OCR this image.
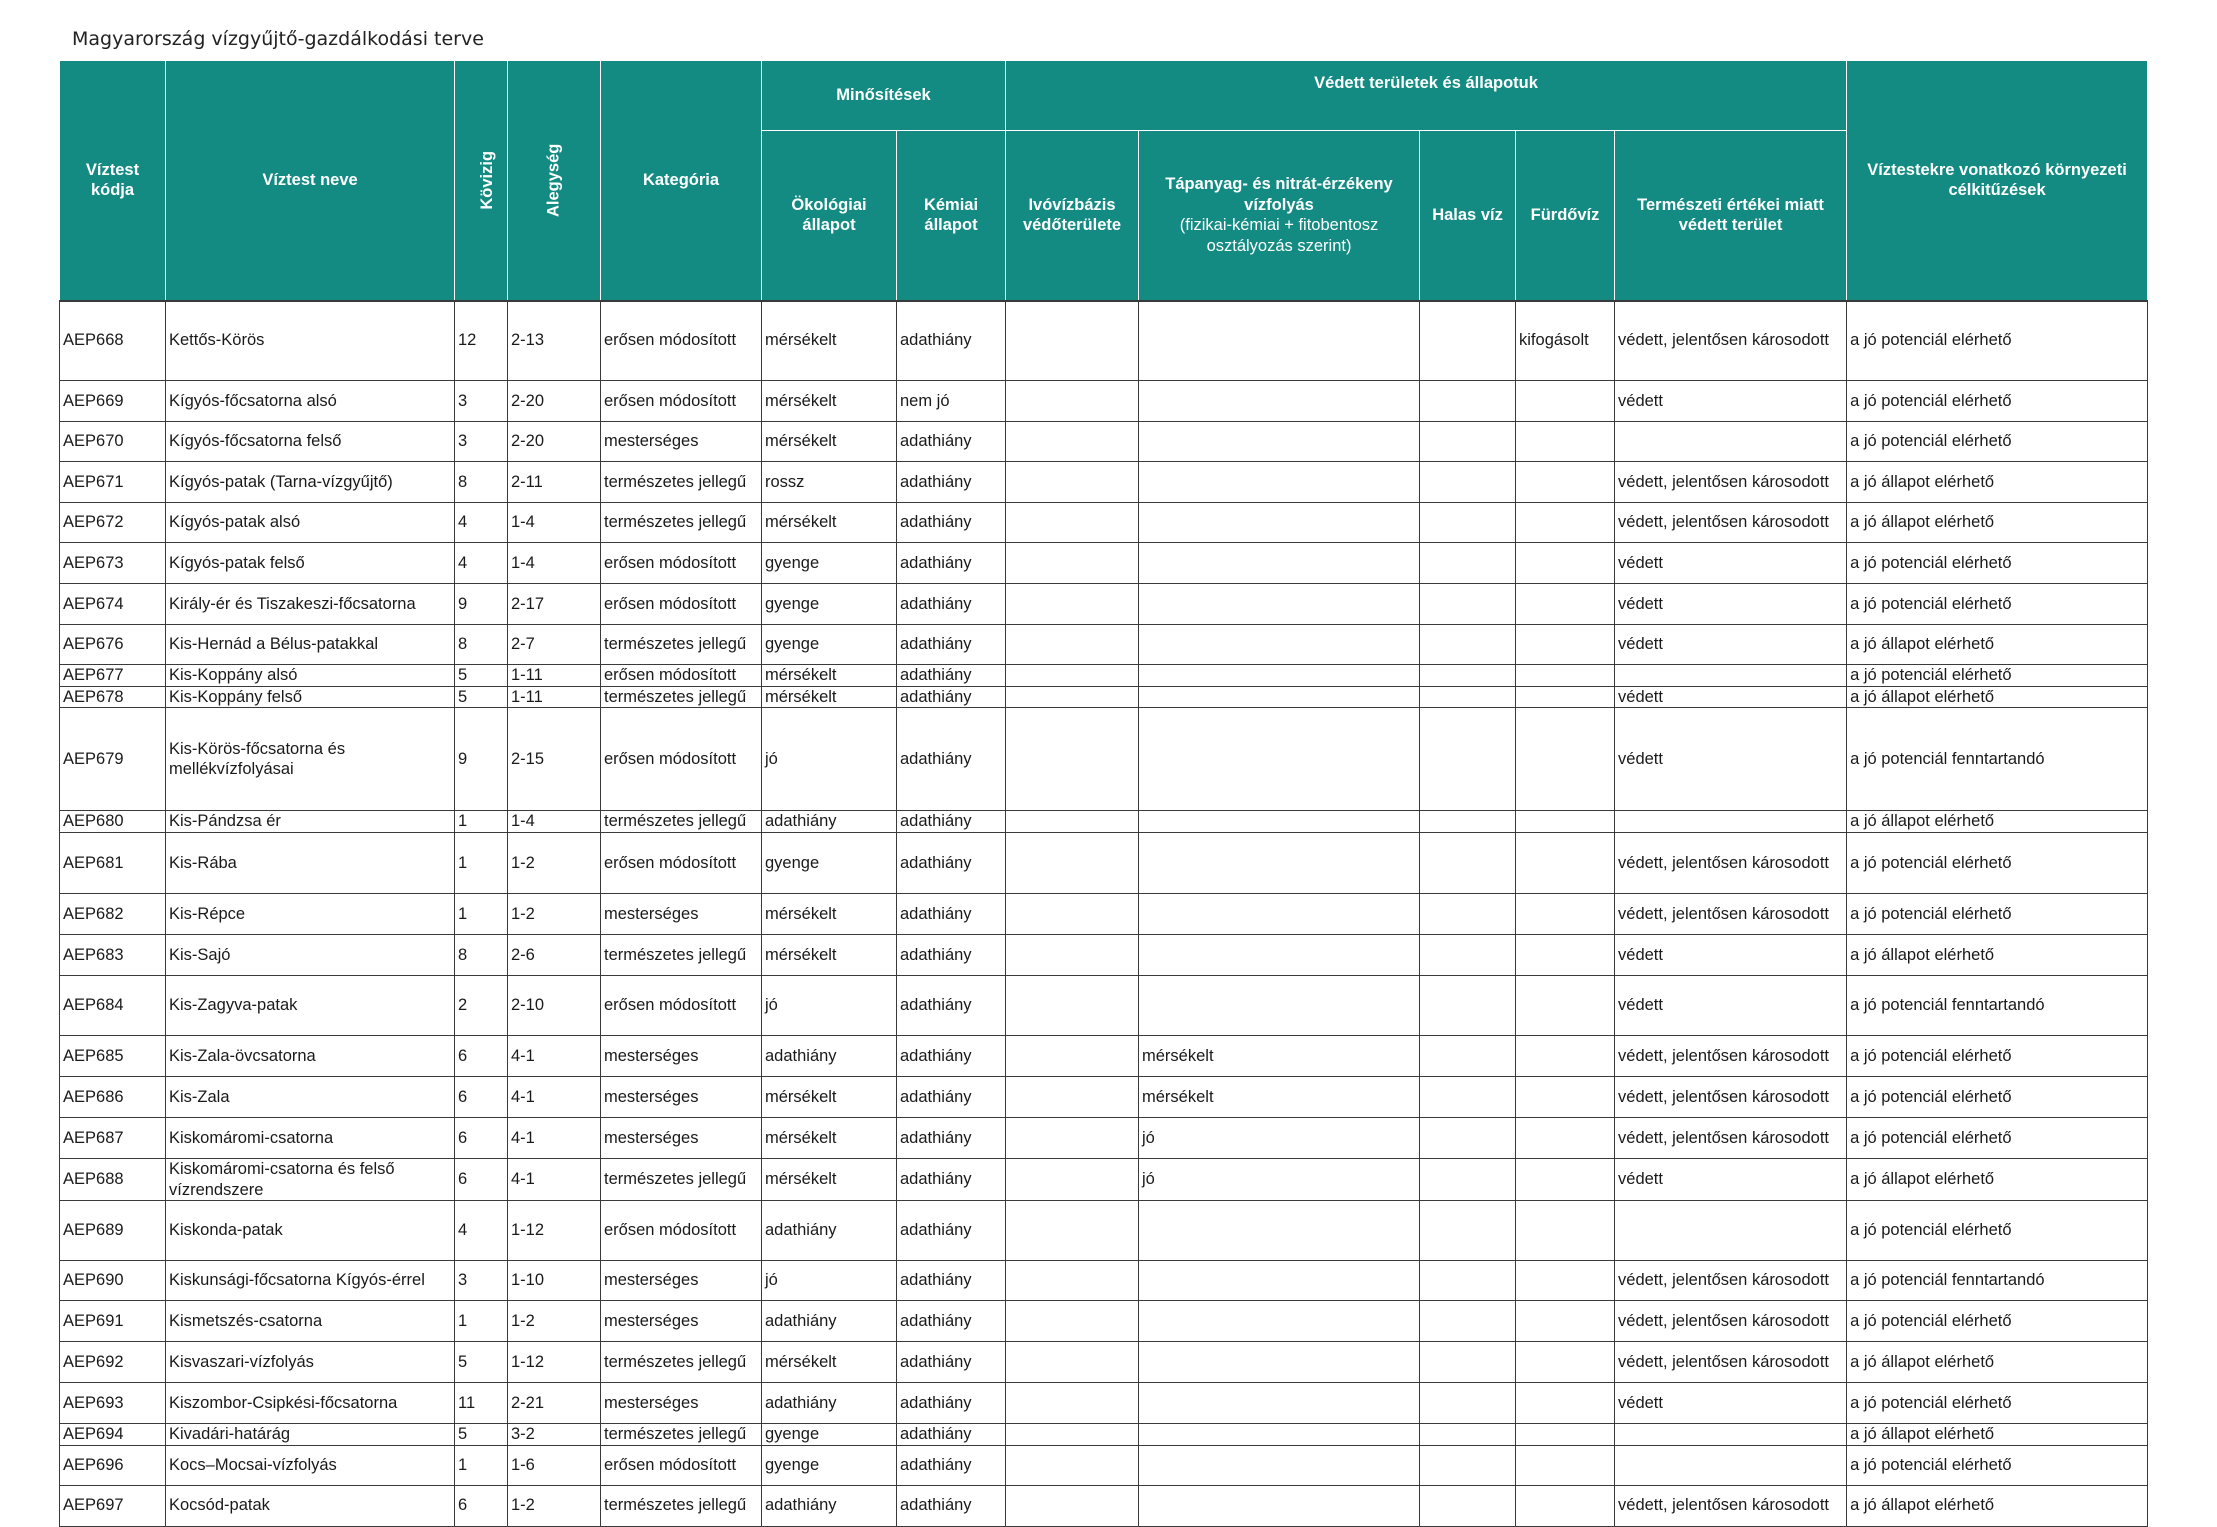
Magyarország vízgyűjtő-gazdálkodási terve
Víztest kódja	Víztest neve	Kövizig	Alegység	Kategória	Minősítések		Védett területek és állapotuk					Víztestekre vonatkozó környezeti célkitűzések
					Ökológiai állapot	Kémiai állapot	Ivóvízbázis védőterülete	Tápanyag- és nitrát-érzékeny vízfolyás
(fizikai-kémiai + fitobentosz osztályozás szerint)	Halas víz	Fürdővíz	Természeti értékei miatt védett terület	
AEP668	Kettős-Körös	12	2-13	erősen módosított	mérsékelt	adathiány				kifogásolt	védett, jelentősen károsodott	a jó potenciál elérhető
AEP669	Kígyós-főcsatorna alsó	3	2-20	erősen módosított	mérsékelt	nem jó					védett	a jó potenciál elérhető
AEP670	Kígyós-főcsatorna felső	3	2-20	mesterséges	mérsékelt	adathiány						a jó potenciál elérhető
AEP671	Kígyós-patak (Tarna-vízgyűjtő)	8	2-11	természetes jellegű	rossz	adathiány					védett, jelentősen károsodott	a jó állapot elérhető
AEP672	Kígyós-patak alsó	4	1-4	természetes jellegű	mérsékelt	adathiány					védett, jelentősen károsodott	a jó állapot elérhető
AEP673	Kígyós-patak felső	4	1-4	erősen módosított	gyenge	adathiány					védett	a jó potenciál elérhető
AEP674	Király-ér és Tiszakeszi-főcsatorna	9	2-17	erősen módosított	gyenge	adathiány					védett	a jó potenciál elérhető
AEP676	Kis-Hernád a Bélus-patakkal	8	2-7	természetes jellegű	gyenge	adathiány					védett	a jó állapot elérhető
AEP677	Kis-Koppány alsó	5	1-11	erősen módosított	mérsékelt	adathiány						a jó potenciál elérhető
AEP678	Kis-Koppány felső	5	1-11	természetes jellegű	mérsékelt	adathiány					védett	a jó állapot elérhető
AEP679	Kis-Körös-főcsatorna és mellékvízfolyásai	9	2-15	erősen módosított	jó	adathiány					védett	a jó potenciál fenntartandó
AEP680	Kis-Pándzsa ér	1	1-4	természetes jellegű	adathiány	adathiány						a jó állapot elérhető
AEP681	Kis-Rába	1	1-2	erősen módosított	gyenge	adathiány					védett, jelentősen károsodott	a jó potenciál elérhető
AEP682	Kis-Répce	1	1-2	mesterséges	mérsékelt	adathiány					védett, jelentősen károsodott	a jó potenciál elérhető
AEP683	Kis-Sajó	8	2-6	természetes jellegű	mérsékelt	adathiány					védett	a jó állapot elérhető
AEP684	Kis-Zagyva-patak	2	2-10	erősen módosított	jó	adathiány					védett	a jó potenciál fenntartandó
AEP685	Kis-Zala-övcsatorna	6	4-1	mesterséges	adathiány	adathiány		mérsékelt			védett, jelentősen károsodott	a jó potenciál elérhető
AEP686	Kis-Zala	6	4-1	mesterséges	mérsékelt	adathiány		mérsékelt			védett, jelentősen károsodott	a jó potenciál elérhető
AEP687	Kiskomáromi-csatorna	6	4-1	mesterséges	mérsékelt	adathiány		jó			védett, jelentősen károsodott	a jó potenciál elérhető
AEP688	Kiskomáromi-csatorna és felső vízrendszere	6	4-1	természetes jellegű	mérsékelt	adathiány		jó			védett	a jó állapot elérhető
AEP689	Kiskonda-patak	4	1-12	erősen módosított	adathiány	adathiány						a jó potenciál elérhető
AEP690	Kiskunsági-főcsatorna Kígyós-érrel	3	1-10	mesterséges	jó	adathiány					védett, jelentősen károsodott	a jó potenciál fenntartandó
AEP691	Kismetszés-csatorna	1	1-2	mesterséges	adathiány	adathiány					védett, jelentősen károsodott	a jó potenciál elérhető
AEP692	Kisvaszari-vízfolyás	5	1-12	természetes jellegű	mérsékelt	adathiány					védett, jelentősen károsodott	a jó állapot elérhető
AEP693	Kiszombor-Csipkési-főcsatorna	11	2-21	mesterséges	adathiány	adathiány					védett	a jó potenciál elérhető
AEP694	Kivadári-határág	5	3-2	természetes jellegű	gyenge	adathiány						a jó állapot elérhető
AEP696	Kocs–Mocsai-vízfolyás	1	1-6	erősen módosított	gyenge	adathiány						a jó potenciál elérhető
AEP697	Kocsód-patak	6	1-2	természetes jellegű	adathiány	adathiány					védett, jelentősen károsodott	a jó állapot elérhető
